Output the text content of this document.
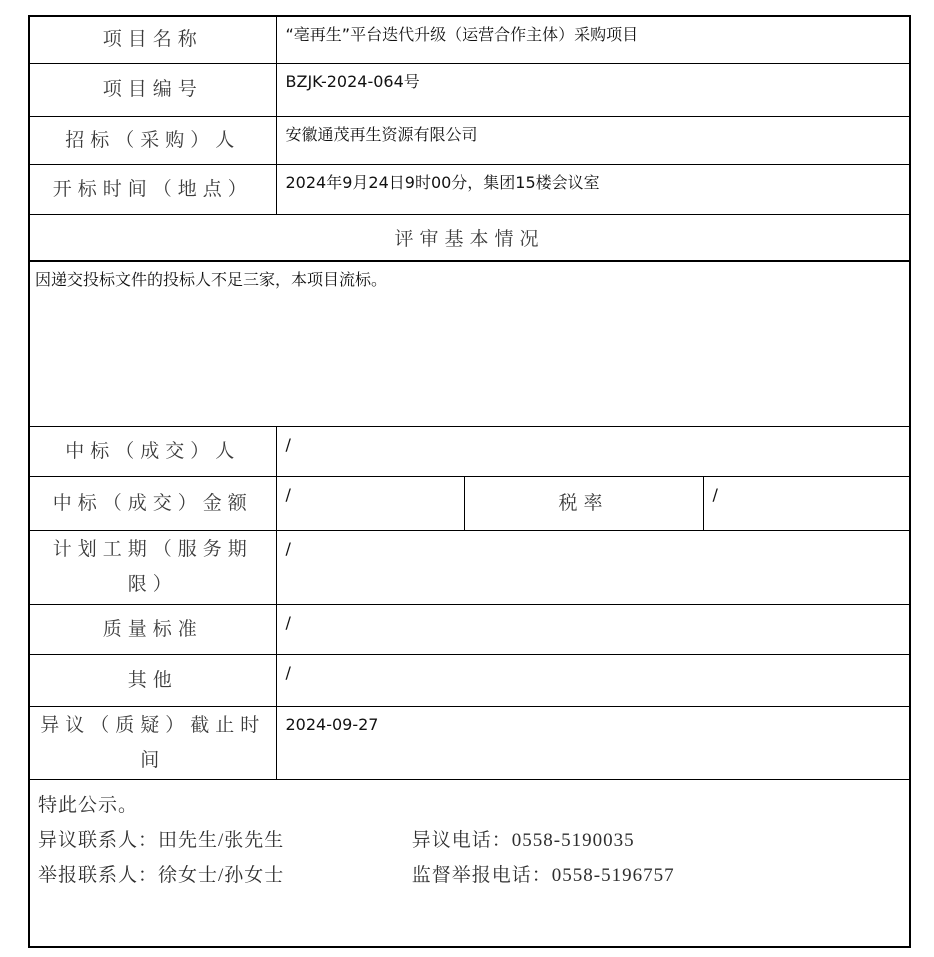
项目名称	“亳再生”平台迭代升级（运营合作主体）采购项目		
项目编号	BZJK-2024-064号		
招标（采购）人	安徽通茂再生资源有限公司		
开标时间（地点）	2024年9月24日9时00分，集团15楼会议室		
评审基本情况			
因递交投标文件的投标人不足三家，本项目流标。			
中标（成交）人	/		
中标（成交）金额	/	税率	/
计划工期（服务期限）	/		
质量标准	/		
其他	/		
异议（质疑）截止时间	2024-09-27		

特此公示。
异议联系人：田先生/张先生 异议电话：0558-5190035
举报联系人：徐女士/孙女士 监督举报电话：0558-5196757			
